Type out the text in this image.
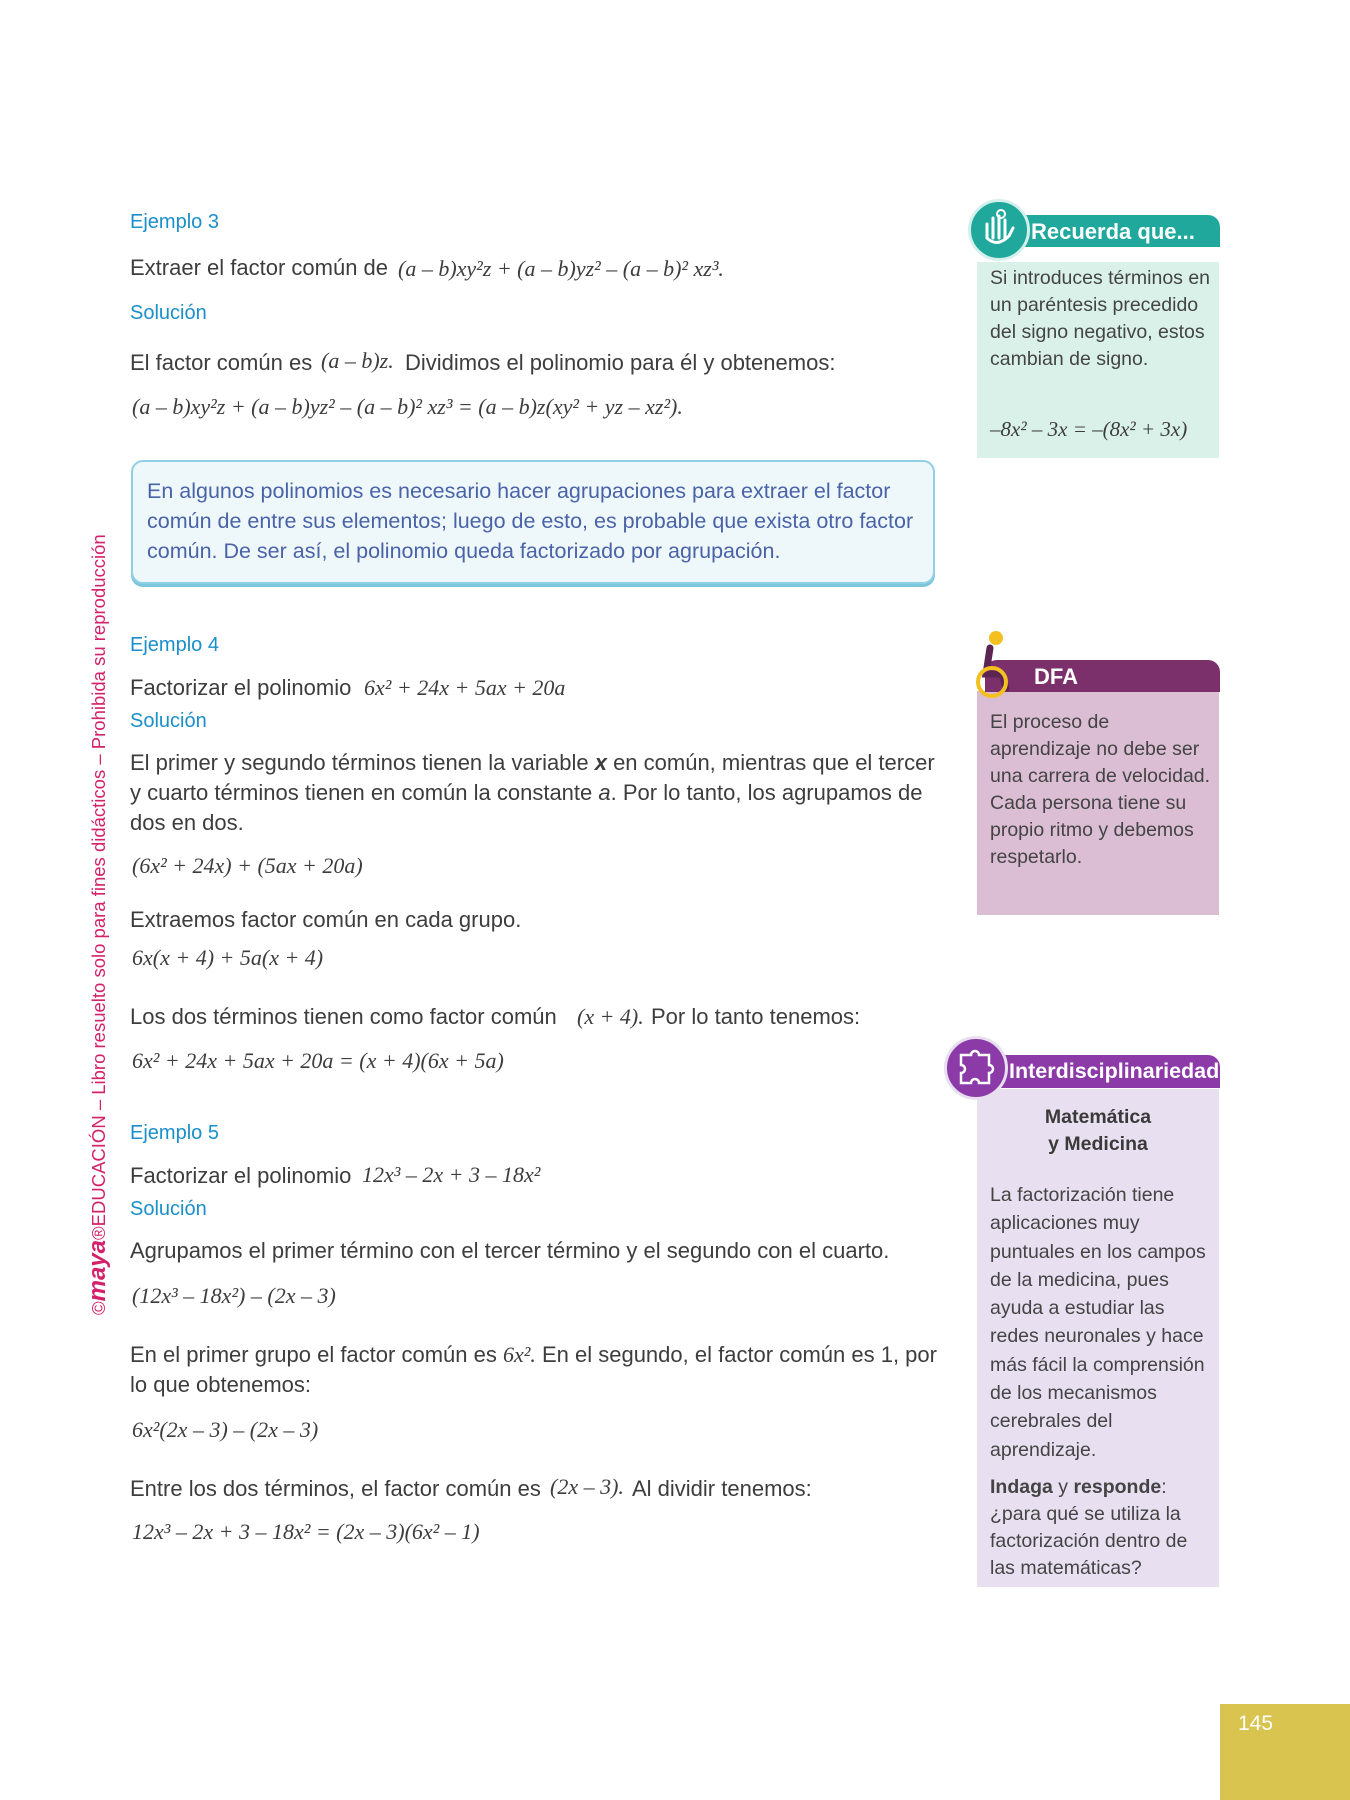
©maya®EDUCACIÓN – Libro resuelto solo para fines didácticos – Prohibida su reproducción
Ejemplo 3
Extraer el factor común de (a – b)xy²z + (a – b)yz² – (a – b)² xz³.
Solución
El factor común es (a – b)z. Dividimos el polinomio para él y obtenemos:
(a – b)xy²z + (a – b)yz² – (a – b)² xz³ = (a – b)z(xy² + yz – xz²).
En algunos polinomios es necesario hacer agrupaciones para extraer el factor común de entre sus elementos; luego de esto, es probable que exista otro factor común. De ser así, el polinomio queda factorizado por agrupación.
Ejemplo 4
Factorizar el polinomio 6x² + 24x + 5ax + 20a
Solución
El primer y segundo términos tienen la variable x en común, mientras que el tercer y cuarto términos tienen en común la constante a. Por lo tanto, los agrupamos de dos en dos.
(6x² + 24x) + (5ax + 20a)
Extraemos factor común en cada grupo.
6x(x + 4) + 5a(x + 4)
Los dos términos tienen como factor común (x + 4). Por lo tanto tenemos:
6x² + 24x + 5ax + 20a = (x + 4)(6x + 5a)
Ejemplo 5
Factorizar el polinomio 12x³ – 2x + 3 – 18x²
Solución
Agrupamos el primer término con el tercer término y el segundo con el cuarto.
(12x³ – 18x²) – (2x – 3)
En el primer grupo el factor común es 6x². En el segundo, el factor común es 1, por lo que obtenemos:
6x²(2x – 3) – (2x – 3)
Entre los dos términos, el factor común es (2x – 3). Al dividir tenemos:
12x³ – 2x + 3 – 18x² = (2x – 3)(6x² – 1)
Recuerda que...
Si introduces términos en un paréntesis precedido del signo negativo, estos cambian de signo.
–8x² – 3x = –(8x² + 3x)
DFA
El proceso de aprendizaje no debe ser una carrera de velocidad. Cada persona tiene su propio ritmo y debemos respetarlo.
Interdisciplinariedad
Matemática
y Medicina
La factorización tiene aplicaciones muy puntuales en los campos de la medicina, pues ayuda a estudiar las redes neuronales y hace más fácil la comprensión de los mecanismos cerebrales del aprendizaje.
Indaga y responde: ¿para qué se utiliza la factorización dentro de las matemáticas?
145
